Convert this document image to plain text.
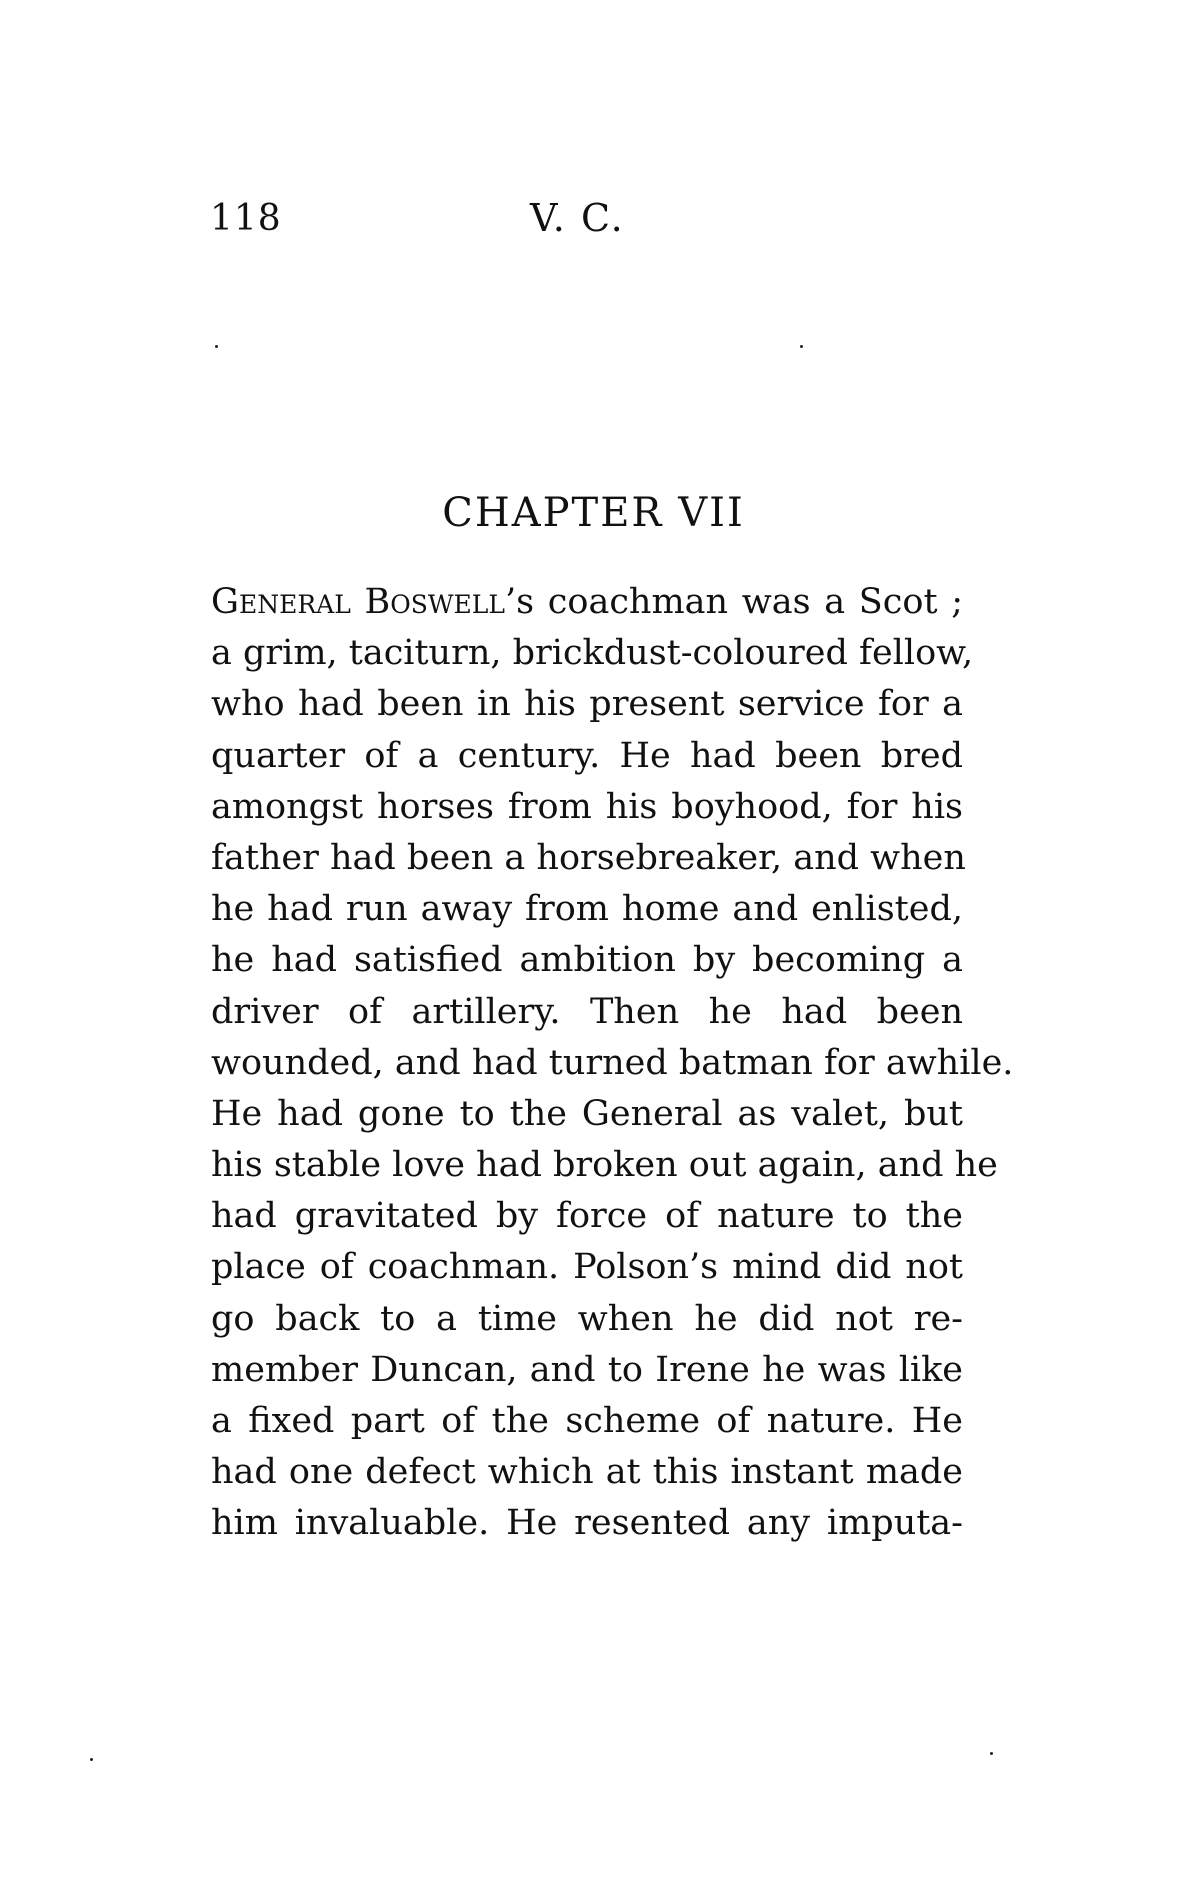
118	V. C.
CHAPTER VII
General Boswell’s coachman was a Scot ;
a grim, taciturn, brickdust-coloured fellow,
who had been in his present service for a
quarter of a century. He had been bred
amongst horses from his boyhood, for his
father had been a horsebreaker, and when
he had run away from home and enlisted,
he had satisfied ambition by becoming a
driver of artillery. Then he had been
wounded, and had turned batman for awhile.
He had gone to the General as valet, but
his stable love had broken out again, and he
had gravitated by force of nature to the
place of coachman. Polson’s mind did not
go back to a time when he did not re-
member Duncan, and to Irene he was like
a fixed part of the scheme of nature. He
had one defect which at this instant made
him invaluable. He resented any imputa-
